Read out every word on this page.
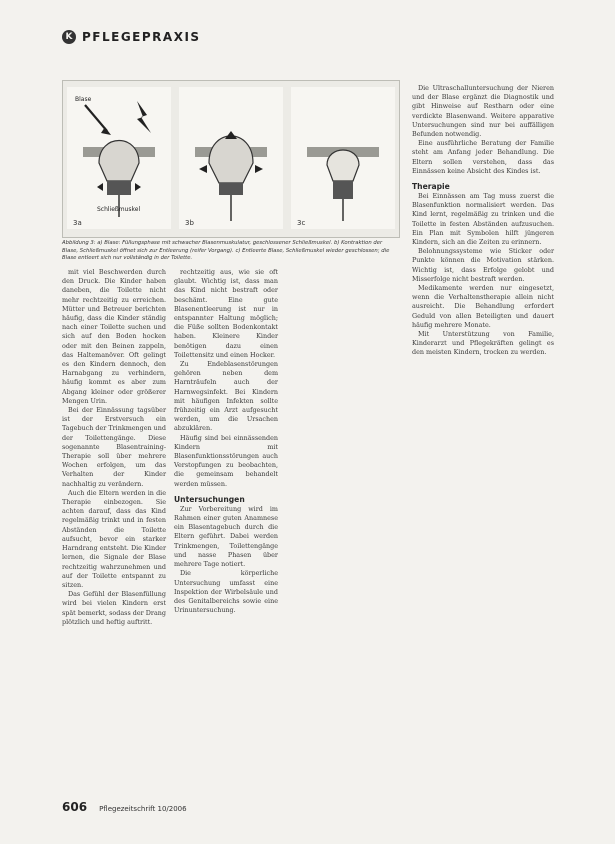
K PFLEGEPRAXIS
Blase
Schließmuskel
3a	3b	3c
Abbildung 3: a) Blase: Füllungsphase mit schwacher Blasenmuskulatur, geschlossener Schließmuskel. b) Kontraktion der Blase, Schließmuskel öffnet sich zur Entleerung (reifer Vorgang). c) Entleerte Blase, Schließmuskel wieder geschlossen; die Blase entleert sich nur vollständig in der Toilette.

mit viel Beschwerden durch den Druck. Die Kinder haben daneben, die Toilette nicht mehr rechtzeitig zu erreichen. Mütter und Betreuer berichten häufig, dass die Kinder ständig nach einer Toilette suchen und sich auf den Boden hocken oder mit den Beinen zappeln, das Haltemanöver. Oft gelingt es den Kindern dennoch, den Harnabgang zu verhindern, häufig kommt es aber zum Abgang kleiner oder größerer Mengen Urin.

Bei der Einnässung tagsüber ist der Erstversuch ein Tagebuch der Trinkmengen und der Toilettengänge. Diese sogenannte Blasentraining-Therapie soll über mehrere Wochen erfolgen, um das Verhalten der Kinder nachhaltig zu verändern.

Auch die Eltern werden in die Therapie einbezogen. Sie achten darauf, dass das Kind regelmäßig trinkt und in festen Abständen die Toilette aufsucht, bevor ein starker Harndrang entsteht. Die Kinder lernen, die Signale der Blase rechtzeitig wahrzunehmen und auf der Toilette entspannt zu sitzen.

Das Gefühl der Blasenfüllung wird bei vielen Kindern erst spät bemerkt, sodass der Drang plötzlich und heftig auftritt.

rechtzeitig aus, wie sie oft glaubt. Wichtig ist, dass man das Kind nicht bestraft oder beschämt. Eine gute Blasenentleerung ist nur in entspannter Haltung möglich; die Füße sollten Bodenkontakt haben. Kleinere Kinder benötigen dazu einen Toilettensitz und einen Hocker.

Zu Endeblasenstörungen gehören neben dem Harnträufeln auch der Harnwegsinfekt. Bei Kindern mit häufigen Infekten sollte frühzeitig ein Arzt aufgesucht werden, um die Ursachen abzuklären.

Häufig sind bei einnässenden Kindern mit Blasenfunktionsstörungen auch Verstopfungen zu beobachten, die gemeinsam behandelt werden müssen.

Untersuchungen

Zur Vorbereitung wird im Rahmen einer guten Anamnese ein Blasentagebuch durch die Eltern geführt. Dabei werden Trinkmengen, Toilettengänge und nasse Phasen über mehrere Tage notiert.

Die körperliche Untersuchung umfasst eine Inspektion der Wirbelsäule und des Genitalbereichs sowie eine Urinuntersuchung.

Die Ultraschalluntersuchung der Nieren und der Blase ergänzt die Diagnostik und gibt Hinweise auf Restharn oder eine verdickte Blasenwand. Weitere apparative Untersuchungen sind nur bei auffälligen Befunden notwendig.

Eine ausführliche Beratung der Familie steht am Anfang jeder Behandlung. Die Eltern sollen verstehen, dass das Einnässen keine Absicht des Kindes ist.

Therapie

Bei Einnässen am Tag muss zuerst die Blasenfunktion normalisiert werden. Das Kind lernt, regelmäßig zu trinken und die Toilette in festen Abständen aufzusuchen. Ein Plan mit Symbolen hilft jüngeren Kindern, sich an die Zeiten zu erinnern.

Belohnungssysteme wie Sticker oder Punkte können die Motivation stärken. Wichtig ist, dass Erfolge gelobt und Misserfolge nicht bestraft werden.

Medikamente werden nur eingesetzt, wenn die Verhaltenstherapie allein nicht ausreicht. Die Behandlung erfordert Geduld von allen Beteiligten und dauert häufig mehrere Monate.

Mit Unterstützung von Familie, Kinderarzt und Pflegekräften gelingt es den meisten Kindern, trocken zu werden.

606 Pflegezeitschrift 10/2006
